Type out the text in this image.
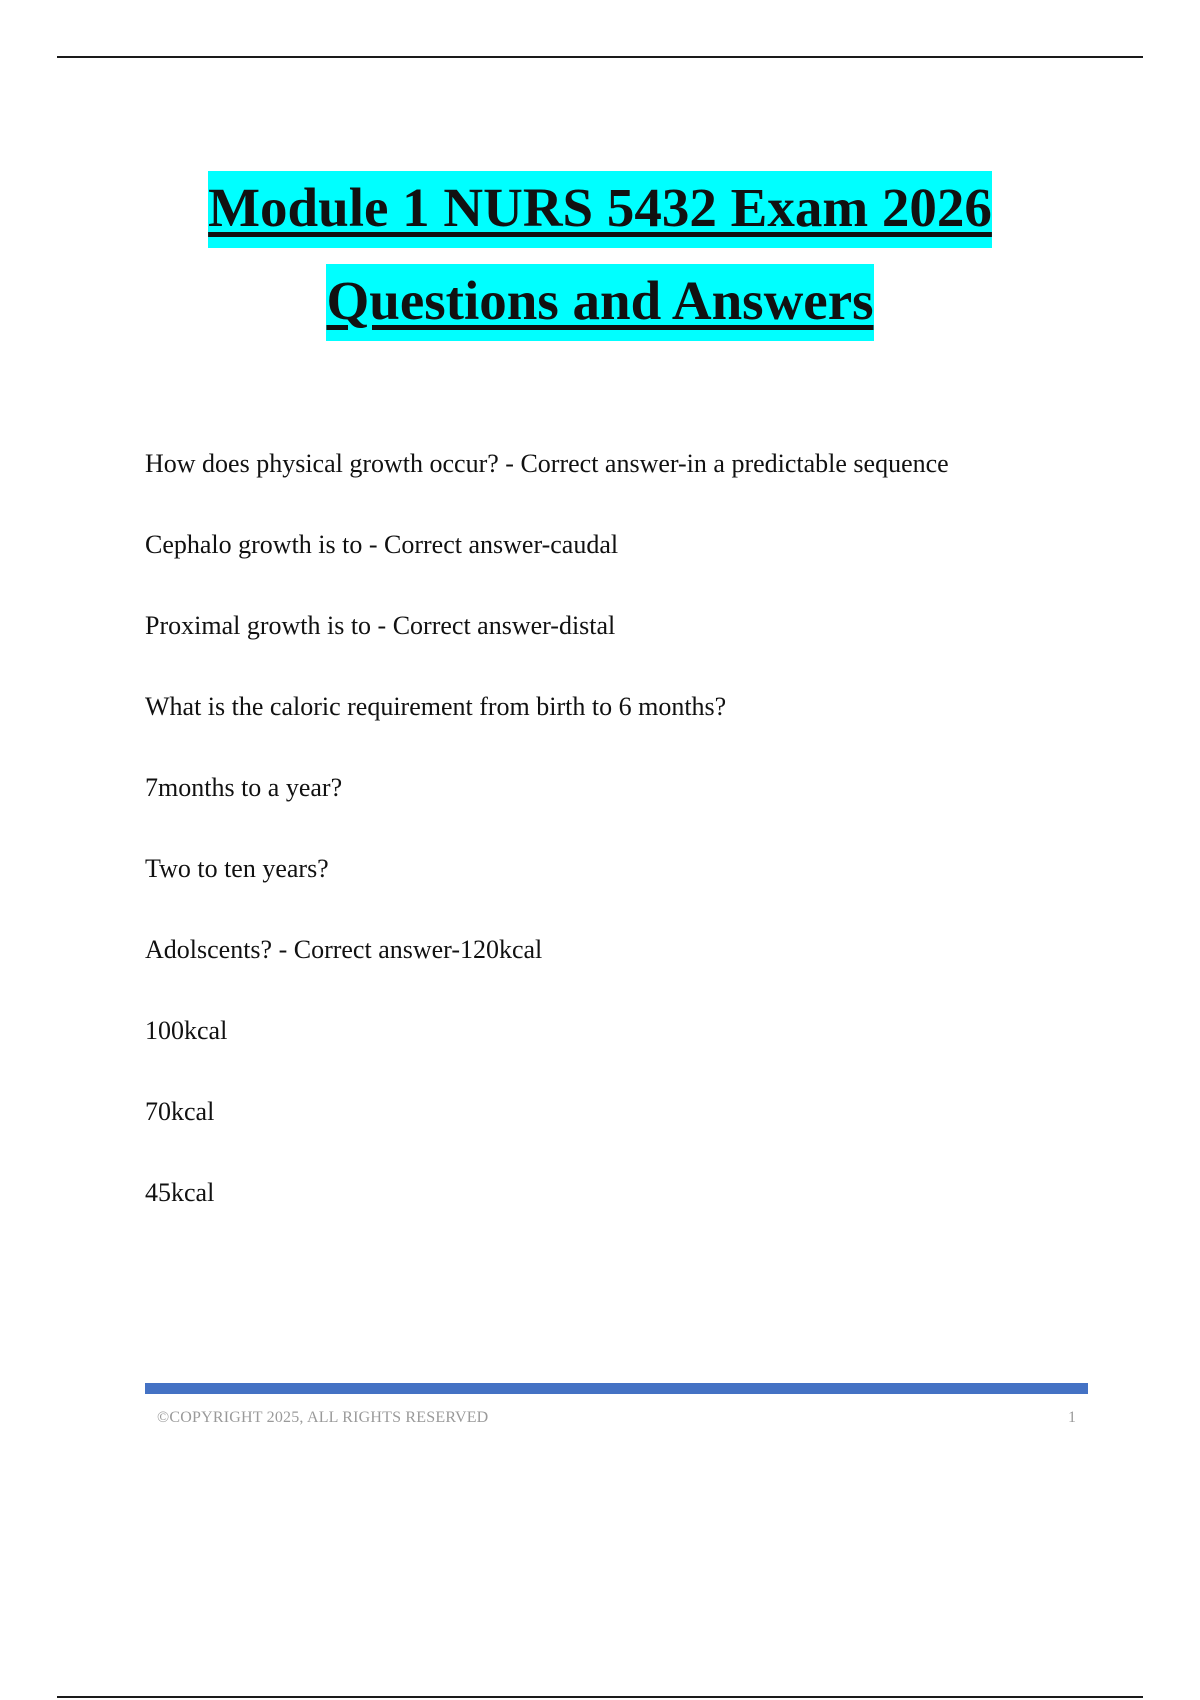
Module 1 NURS 5432 Exam 2026
Questions and Answers
How does physical growth occur? - Correct answer-in a predictable sequence
Cephalo growth is to - Correct answer-caudal
Proximal growth is to - Correct answer-distal
What is the caloric requirement from birth to 6 months?
7months to a year?
Two to ten years?
Adolscents? - Correct answer-120kcal
100kcal
70kcal
45kcal
©COPYRIGHT 2025, ALL RIGHTS RESERVED	1
